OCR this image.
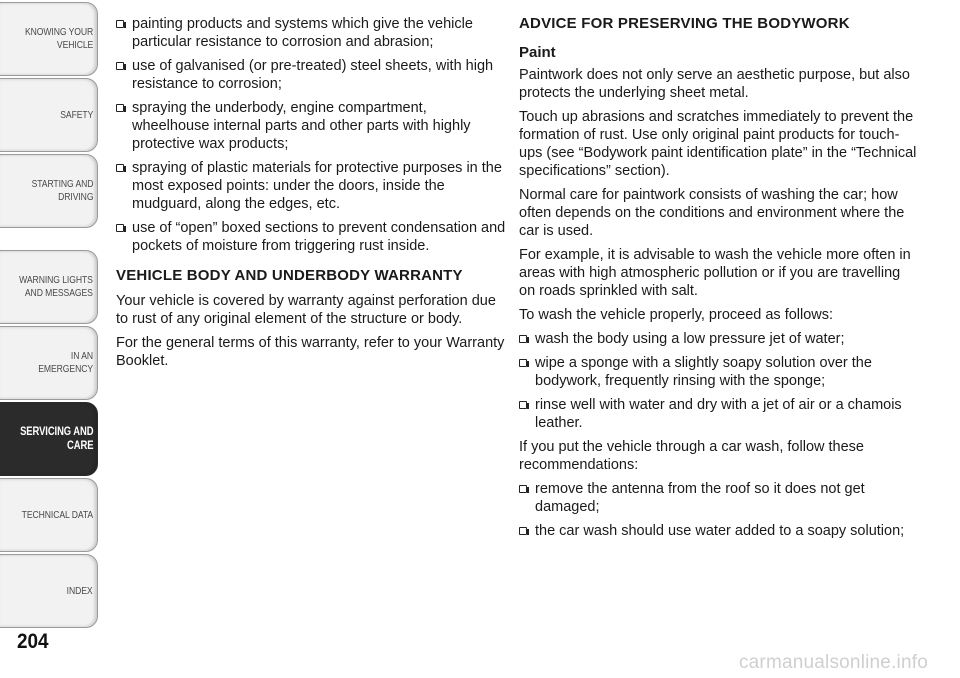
KNOWING YOUR
VEHICLE
SAFETY
STARTING AND
DRIVING
WARNING LIGHTS
AND MESSAGES
IN AN EMERGENCY
SERVICING AND
CARE
TECHNICAL DATA
INDEX
204
painting products and systems which give the vehicle particular resistance to corrosion and abrasion;
use of galvanised (or pre-treated) steel sheets, with high resistance to corrosion;
spraying the underbody, engine compartment, wheelhouse internal parts and other parts with highly protective wax products;
spraying of plastic materials for protective purposes in the most exposed points: under the doors, inside the mudguard, along the edges, etc.
use of “open” boxed sections to prevent condensation and pockets of moisture from triggering rust inside.
VEHICLE BODY AND UNDERBODY WARRANTY

Your vehicle is covered by warranty against perforation due to rust of any original element of the structure or body.

For the general terms of this warranty, refer to your Warranty Booklet.

ADVICE FOR PRESERVING THE BODYWORK
Paint

Paintwork does not only serve an aesthetic purpose, but also protects the underlying sheet metal.

Touch up abrasions and scratches immediately to prevent the formation of rust. Use only original paint products for touch-ups (see “Bodywork paint identification plate” in the “Technical specifications” section).

Normal care for paintwork consists of washing the car; how often depends on the conditions and environment where the car is used.

For example, it is advisable to wash the vehicle more often in areas with high atmospheric pollution or if you are travelling on roads sprinkled with salt.

To wash the vehicle properly, proceed as follows:

wash the body using a low pressure jet of water;
wipe a sponge with a slightly soapy solution over the bodywork, frequently rinsing with the sponge;
rinse well with water and dry with a jet of air or a chamois leather.

If you put the vehicle through a car wash, follow these recommendations:

remove the antenna from the roof so it does not get damaged;
the car wash should use water added to a soapy solution;
carmanualsonline.info
